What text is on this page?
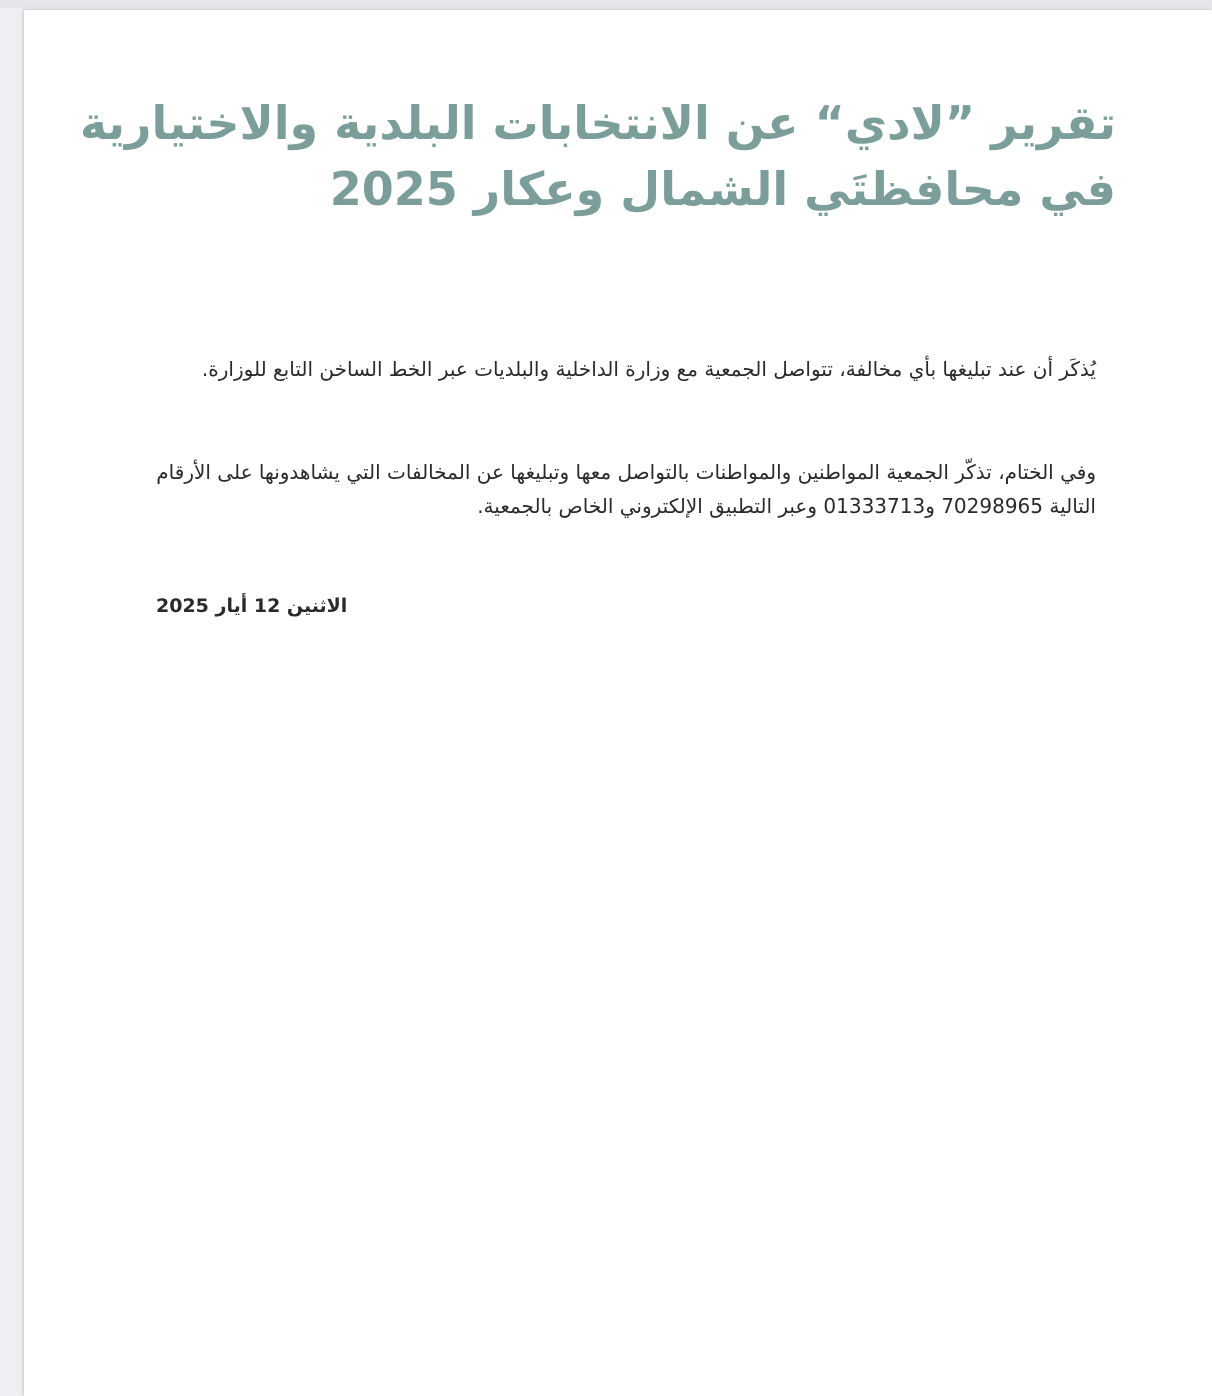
تقرير ”لادي“ عن الانتخابات البلدية والاختيارية
في محافظتَي الشمال وعكار 2025

يُذكَر أن عند تبليغها بأي مخالفة، تتواصل الجمعية مع وزارة الداخلية والبلديات عبر الخط الساخن التابع للوزارة.

وفي الختام، تذكّر الجمعية المواطنين والمواطنات بالتواصل معها وتبليغها عن المخالفات التي يشاهدونها على الأرقام التالية 70298965 و01333713 وعبر التطبيق الإلكتروني الخاص بالجمعية.

الاثنين 12 أيار 2025
